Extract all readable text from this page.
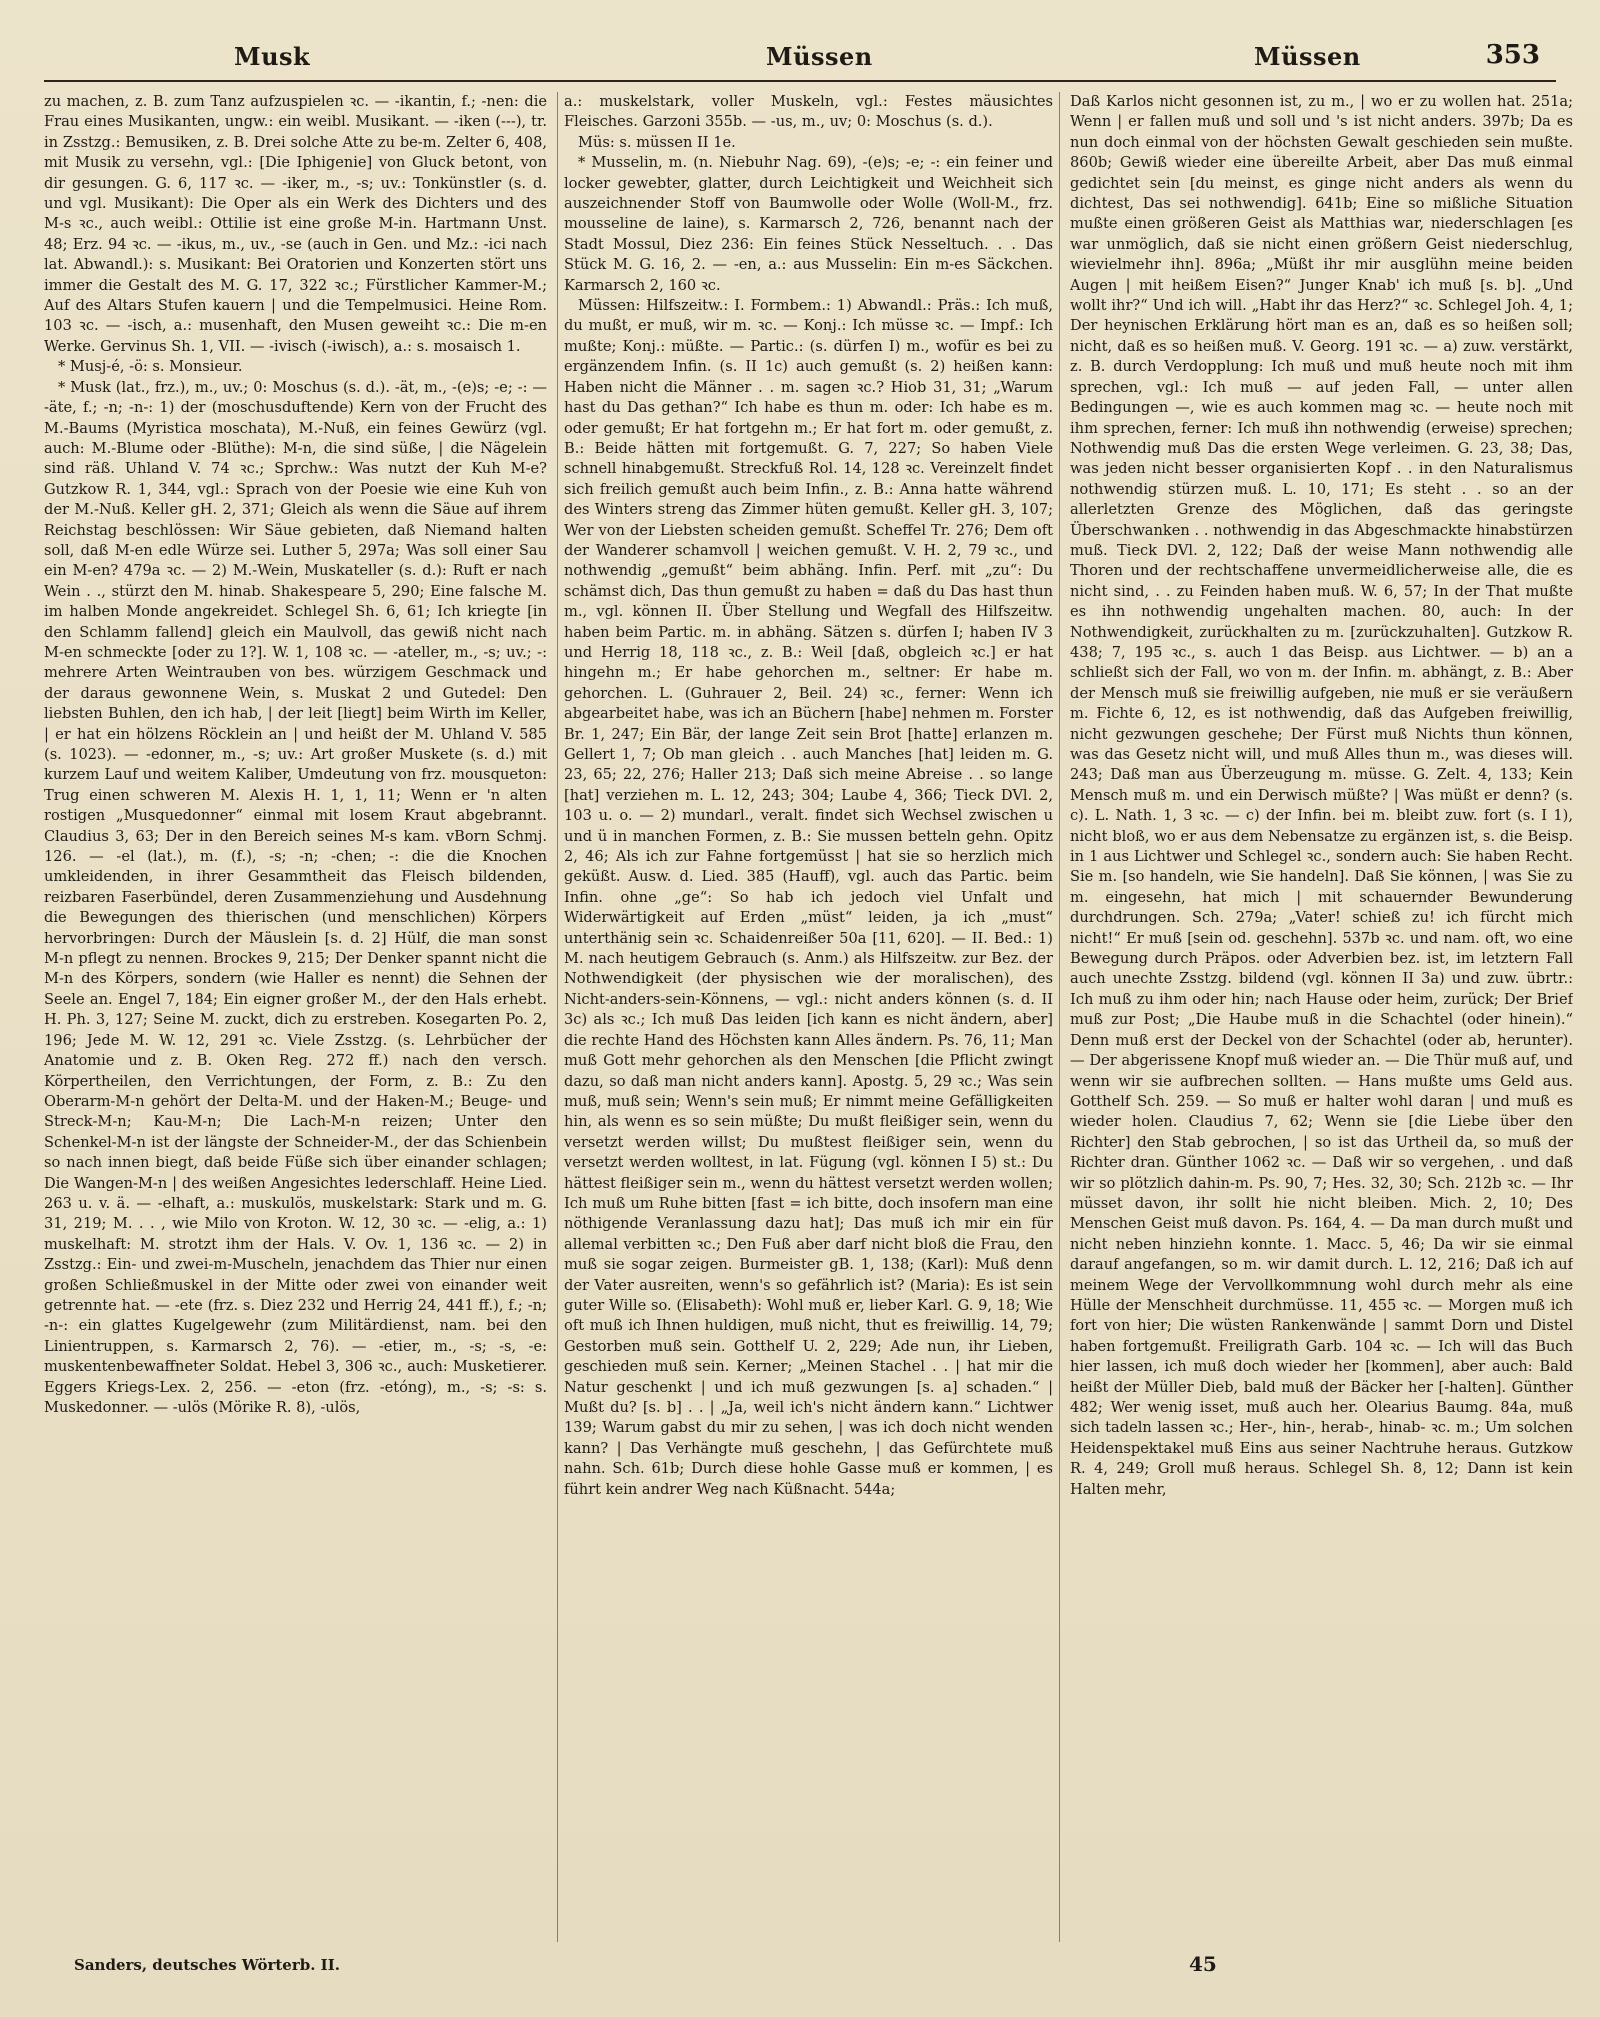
Musk	Müssen	Müssen	353

zu machen, z. B. zum Tanz aufzuspielen ꝛc. — ‑ikantin, f.; ‑nen: die Frau eines Musikanten, ungw.: ein weibl. Musikant. — ‑iken (‑‑‑), tr. in Zsstzg.: Bemusiken, z. B. Drei solche Atte zu be‑m. Zelter 6, 408, mit Musik zu versehn, vgl.: [Die Iphigenie] von Gluck betont, von dir gesungen. G. 6, 117 ꝛc. — ‑iker, m., ‑s; uv.: Tonkünstler (s. d. und vgl. Musikant): Die Oper als ein Werk des Dichters und des M‑s ꝛc., auch weibl.: Ottilie ist eine große M‑in. Hartmann Unst. 48; Erz. 94 ꝛc. — ‑ikus, m., uv., ‑se (auch in Gen. und Mz.: ‑ici nach lat. Abwandl.): s. Musikant: Bei Oratorien und Konzerten stört uns immer die Gestalt des M. G. 17, 322 ꝛc.; Fürstlicher Kammer‑M.; Auf des Altars Stufen kauern | und die Tempelmusici. Heine Rom. 103 ꝛc. — ‑isch, a.: musenhaft, den Musen geweiht ꝛc.: Die m‑en Werke. Gervinus Sh. 1, VII. — ‑ivisch (‑iwisch), a.: s. mosaisch 1.

* Musj‑é, ‑ö: s. Monsieur.

* Musk (lat., frz.), m., uv.; 0: Moschus (s. d.). ‑ät, m., ‑(e)s; ‑e; ‑: — ‑äte, f.; ‑n; ‑n‑: 1) der (moschusduftende) Kern von der Frucht des M.‑Baums (Myristica moschata), M.‑Nuß, ein feines Gewürz (vgl. auch: M.‑Blume oder ‑Blüthe): M‑n, die sind süße, | die Nägelein sind räß. Uhland V. 74 ꝛc.; Sprchw.: Was nutzt der Kuh M‑e? Gutzkow R. 1, 344, vgl.: Sprach von der Poesie wie eine Kuh von der M.‑Nuß. Keller gH. 2, 371; Gleich als wenn die Säue auf ihrem Reichstag beschlössen: Wir Säue gebieten, daß Niemand halten soll, daß M‑en edle Würze sei. Luther 5, 297a; Was soll einer Sau ein M‑en? 479a ꝛc. — 2) M.‑Wein, Muskateller (s. d.): Ruft er nach Wein . ., stürzt den M. hinab. Shakespeare 5, 290; Eine falsche M. im halben Monde angekreidet. Schlegel Sh. 6, 61; Ich kriegte [in den Schlamm fallend] gleich ein Maulvoll, das gewiß nicht nach M‑en schmeckte [oder zu 1?]. W. 1, 108 ꝛc. — ‑ateller, m., ‑s; uv.; ‑: mehrere Arten Weintrauben von bes. würzigem Geschmack und der daraus gewonnene Wein, s. Muskat 2 und Gutedel: Den liebsten Buhlen, den ich hab, | der leit [liegt] beim Wirth im Keller, | er hat ein hölzens Röcklein an | und heißt der M. Uhland V. 585 (s. 1023). — ‑edonner, m., ‑s; uv.: Art großer Muskete (s. d.) mit kurzem Lauf und weitem Kaliber, Umdeutung von frz. mousqueton: Trug einen schweren M. Alexis H. 1, 1, 11; Wenn er 'n alten rostigen „Musquedonner“ einmal mit losem Kraut abgebrannt. Claudius 3, 63; Der in den Bereich seines M‑s kam. vBorn Schmj. 126. — ‑el (lat.), m. (f.), ‑s; ‑n; ‑chen; ‑: die die Knochen umkleidenden, in ihrer Gesammtheit das Fleisch bildenden, reizbaren Faserbündel, deren Zusammenziehung und Ausdehnung die Bewegungen des thierischen (und menschlichen) Körpers hervorbringen: Durch der Mäuslein [s. d. 2] Hülf, die man sonst M‑n pflegt zu nennen. Brockes 9, 215; Der Denker spannt nicht die M‑n des Körpers, sondern (wie Haller es nennt) die Sehnen der Seele an. Engel 7, 184; Ein eigner großer M., der den Hals erhebt. H. Ph. 3, 127; Seine M. zuckt, dich zu erstreben. Kosegarten Po. 2, 196; Jede M. W. 12, 291 ꝛc. Viele Zsstzg. (s. Lehrbücher der Anatomie und z. B. Oken Reg. 272 ff.) nach den versch. Körpertheilen, den Verrichtungen, der Form, z. B.: Zu den Oberarm‑M‑n gehört der Delta‑M. und der Haken‑M.; Beuge‑ und Streck‑M‑n; Kau‑M‑n; Die Lach‑M‑n reizen; Unter den Schenkel‑M‑n ist der längste der Schneider‑M., der das Schienbein so nach innen biegt, daß beide Füße sich über einander schlagen; Die Wangen‑M‑n | des weißen Angesichtes lederschlaff. Heine Lied. 263 u. v. ä. — ‑elhaft, a.: muskulös, muskelstark: Stark und m. G. 31, 219; M. . . , wie Milo von Kroton. W. 12, 30 ꝛc. — ‑elig, a.: 1) muskelhaft: M. strotzt ihm der Hals. V. Ov. 1, 136 ꝛc. — 2) in Zsstzg.: Ein‑ und zwei‑m‑Muscheln, jenachdem das Thier nur einen großen Schließmuskel in der Mitte oder zwei von einander weit getrennte hat. — ‑ete (frz. s. Diez 232 und Herrig 24, 441 ff.), f.; ‑n; ‑n‑: ein glattes Kugelgewehr (zum Militärdienst, nam. bei den Linientruppen, s. Karmarsch 2, 76). — ‑etier, m., ‑s; ‑s, ‑e: muskentenbewaffneter Soldat. Hebel 3, 306 ꝛc., auch: Musketierer. Eggers Kriegs‑Lex. 2, 256. — ‑eton (frz. ‑etóng), m., ‑s; ‑s: s. Muskedonner. — ‑ulös (Mörike R. 8), ‑ulös,

a.: muskelstark, voller Muskeln, vgl.: Festes mäusichtes Fleisches. Garzoni 355b. — ‑us, m., uv; 0: Moschus (s. d.).

Müs: s. müssen II 1e.

* Musselin, m. (n. Niebuhr Nag. 69), ‑(e)s; ‑e; ‑: ein feiner und locker gewebter, glatter, durch Leichtigkeit und Weichheit sich auszeichnender Stoff von Baumwolle oder Wolle (Woll‑M., frz. mousseline de laine), s. Karmarsch 2, 726, benannt nach der Stadt Mossul, Diez 236: Ein feines Stück Nesseltuch. . . Das Stück M. G. 16, 2. — ‑en, a.: aus Musselin: Ein m‑es Säckchen. Karmarsch 2, 160 ꝛc.

Müssen: Hilfszeitw.: I. Formbem.: 1) Abwandl.: Präs.: Ich muß, du mußt, er muß, wir m. ꝛc. — Konj.: Ich müsse ꝛc. — Impf.: Ich mußte; Konj.: müßte. — Partic.: (s. dürfen I) m., wofür es bei zu ergänzendem Infin. (s. II 1c) auch gemußt (s. 2) heißen kann: Haben nicht die Männer . . m. sagen ꝛc.? Hiob 31, 31; „Warum hast du Das gethan?“ Ich habe es thun m. oder: Ich habe es m. oder gemußt; Er hat fortgehn m.; Er hat fort m. oder gemußt, z. B.: Beide hätten mit fortgemußt. G. 7, 227; So haben Viele schnell hinabgemußt. Streckfuß Rol. 14, 128 ꝛc. Vereinzelt findet sich freilich gemußt auch beim Infin., z. B.: Anna hatte während des Winters streng das Zimmer hüten gemußt. Keller gH. 3, 107; Wer von der Liebsten scheiden gemußt. Scheffel Tr. 276; Dem oft der Wanderer schamvoll | weichen gemußt. V. H. 2, 79 ꝛc., und nothwendig „gemußt“ beim abhäng. Infin. Perf. mit „zu“: Du schämst dich, Das thun gemußt zu haben = daß du Das hast thun m., vgl. können II. Über Stellung und Wegfall des Hilfszeitw. haben beim Partic. m. in abhäng. Sätzen s. dürfen I; haben IV 3 und Herrig 18, 118 ꝛc., z. B.: Weil [daß, obgleich ꝛc.] er hat hingehn m.; Er habe gehorchen m., seltner: Er habe m. gehorchen. L. (Guhrauer 2, Beil. 24) ꝛc., ferner: Wenn ich abgearbeitet habe, was ich an Büchern [habe] nehmen m. Forster Br. 1, 247; Ein Bär, der lange Zeit sein Brot [hatte] erlanzen m. Gellert 1, 7; Ob man gleich . . auch Manches [hat] leiden m. G. 23, 65; 22, 276; Haller 213; Daß sich meine Abreise . . so lange [hat] verziehen m. L. 12, 243; 304; Laube 4, 366; Tieck DVl. 2, 103 u. o. — 2) mundarl., veralt. findet sich Wechsel zwischen u und ü in manchen Formen, z. B.: Sie mussen betteln gehn. Opitz 2, 46; Als ich zur Fahne fortgemüsst | hat sie so herzlich mich geküßt. Ausw. d. Lied. 385 (Hauff), vgl. auch das Partic. beim Infin. ohne „ge“: So hab ich jedoch viel Unfalt und Widerwärtigkeit auf Erden „müst“ leiden, ja ich „must“ unterthänig sein ꝛc. Schaidenreißer 50a [11, 620]. — II. Bed.: 1) M. nach heutigem Gebrauch (s. Anm.) als Hilfszeitw. zur Bez. der Nothwendigkeit (der physischen wie der moralischen), des Nicht‑anders‑sein‑Könnens, — vgl.: nicht anders können (s. d. II 3c) als ꝛc.; Ich muß Das leiden [ich kann es nicht ändern, aber] die rechte Hand des Höchsten kann Alles ändern. Ps. 76, 11; Man muß Gott mehr gehorchen als den Menschen [die Pflicht zwingt dazu, so daß man nicht anders kann]. Apostg. 5, 29 ꝛc.; Was sein muß, muß sein; Wenn's sein muß; Er nimmt meine Gefälligkeiten hin, als wenn es so sein müßte; Du mußt fleißiger sein, wenn du versetzt werden willst; Du mußtest fleißiger sein, wenn du versetzt werden wolltest, in lat. Fügung (vgl. können I 5) st.: Du hättest fleißiger sein m., wenn du hättest versetzt werden wollen; Ich muß um Ruhe bitten [fast = ich bitte, doch insofern man eine nöthigende Veranlassung dazu hat]; Das muß ich mir ein für allemal verbitten ꝛc.; Den Fuß aber darf nicht bloß die Frau, den muß sie sogar zeigen. Burmeister gB. 1, 138; (Karl): Muß denn der Vater ausreiten, wenn's so gefährlich ist? (Maria): Es ist sein guter Wille so. (Elisabeth): Wohl muß er, lieber Karl. G. 9, 18; Wie oft muß ich Ihnen huldigen, muß nicht, thut es freiwillig. 14, 79; Gestorben muß sein. Gotthelf U. 2, 229; Ade nun, ihr Lieben, geschieden muß sein. Kerner; „Meinen Stachel . . | hat mir die Natur geschenkt | und ich muß gezwungen [s. a] schaden.“ | Mußt du? [s. b] . . | „Ja, weil ich's nicht ändern kann.“ Lichtwer 139; Warum gabst du mir zu sehen, | was ich doch nicht wenden kann? | Das Verhängte muß geschehn, | das Gefürchtete muß nahn. Sch. 61b; Durch diese hohle Gasse muß er kommen, | es führt kein andrer Weg nach Küßnacht. 544a;

Daß Karlos nicht gesonnen ist, zu m., | wo er zu wollen hat. 251a; Wenn | er fallen muß und soll und 's ist nicht anders. 397b; Da es nun doch einmal von der höchsten Gewalt geschieden sein mußte. 860b; Gewiß wieder eine übereilte Arbeit, aber Das muß einmal gedichtet sein [du meinst, es ginge nicht anders als wenn du dichtest, Das sei nothwendig]. 641b; Eine so mißliche Situation mußte einen größeren Geist als Matthias war, niederschlagen [es war unmöglich, daß sie nicht einen größern Geist niederschlug, wievielmehr ihn]. 896a; „Müßt ihr mir ausglühn meine beiden Augen | mit heißem Eisen?“ Junger Knab' ich muß [s. b]. „Und wollt ihr?“ Und ich will. „Habt ihr das Herz?“ ꝛc. Schlegel Joh. 4, 1; Der heynischen Erklärung hört man es an, daß es so heißen soll; nicht, daß es so heißen muß. V. Georg. 191 ꝛc. — a) zuw. verstärkt, z. B. durch Verdopplung: Ich muß und muß heute noch mit ihm sprechen, vgl.: Ich muß — auf jeden Fall, — unter allen Bedingungen —, wie es auch kommen mag ꝛc. — heute noch mit ihm sprechen, ferner: Ich muß ihn nothwendig (erweise) sprechen; Nothwendig muß Das die ersten Wege verleimen. G. 23, 38; Das, was jeden nicht besser organisierten Kopf . . in den Naturalismus nothwendig stürzen muß. L. 10, 171; Es steht . . so an der allerletzten Grenze des Möglichen, daß das geringste Überschwanken . . nothwendig in das Abgeschmackte hinabstürzen muß. Tieck DVl. 2, 122; Daß der weise Mann nothwendig alle Thoren und der rechtschaffene unvermeidlicherweise alle, die es nicht sind, . . zu Feinden haben muß. W. 6, 57; In der That mußte es ihn nothwendig ungehalten machen. 80, auch: In der Nothwendigkeit, zurückhalten zu m. [zurückzuhalten]. Gutzkow R. 438; 7, 195 ꝛc., s. auch 1 das Beisp. aus Lichtwer. — b) an a schließt sich der Fall, wo von m. der Infin. m. abhängt, z. B.: Aber der Mensch muß sie freiwillig aufgeben, nie muß er sie veräußern m. Fichte 6, 12, es ist nothwendig, daß das Aufgeben freiwillig, nicht gezwungen geschehe; Der Fürst muß Nichts thun können, was das Gesetz nicht will, und muß Alles thun m., was dieses will. 243; Daß man aus Überzeugung m. müsse. G. Zelt. 4, 133; Kein Mensch muß m. und ein Derwisch müßte? | Was müßt er denn? (s. c). L. Nath. 1, 3 ꝛc. — c) der Infin. bei m. bleibt zuw. fort (s. I 1), nicht bloß, wo er aus dem Nebensatze zu ergänzen ist, s. die Beisp. in 1 aus Lichtwer und Schlegel ꝛc., sondern auch: Sie haben Recht. Sie m. [so handeln, wie Sie handeln]. Daß Sie können, | was Sie zu m. eingesehn, hat mich | mit schauernder Bewunderung durchdrungen. Sch. 279a; „Vater! schieß zu! ich fürcht mich nicht!“ Er muß [sein od. geschehn]. 537b ꝛc. und nam. oft, wo eine Bewegung durch Präpos. oder Adverbien bez. ist, im letztern Fall auch unechte Zsstzg. bildend (vgl. können II 3a) und zuw. übrtr.: Ich muß zu ihm oder hin; nach Hause oder heim, zurück; Der Brief muß zur Post; „Die Haube muß in die Schachtel (oder hinein).“ Denn muß erst der Deckel von der Schachtel (oder ab, herunter). — Der abgerissene Knopf muß wieder an. — Die Thür muß auf, und wenn wir sie aufbrechen sollten. — Hans mußte ums Geld aus. Gotthelf Sch. 259. — So muß er halter wohl daran | und muß es wieder holen. Claudius 7, 62; Wenn sie [die Liebe über den Richter] den Stab gebrochen, | so ist das Urtheil da, so muß der Richter dran. Günther 1062 ꝛc. — Daß wir so vergehen, . und daß wir so plötzlich dahin‑m. Ps. 90, 7; Hes. 32, 30; Sch. 212b ꝛc. — Ihr müsset davon, ihr sollt hie nicht bleiben. Mich. 2, 10; Des Menschen Geist muß davon. Ps. 164, 4. — Da man durch mußt und nicht neben hinziehn konnte. 1. Macc. 5, 46; Da wir sie einmal darauf angefangen, so m. wir damit durch. L. 12, 216; Daß ich auf meinem Wege der Vervollkommnung wohl durch mehr als eine Hülle der Menschheit durchmüsse. 11, 455 ꝛc. — Morgen muß ich fort von hier; Die wüsten Rankenwände | sammt Dorn und Distel haben fortgemußt. Freiligrath Garb. 104 ꝛc. — Ich will das Buch hier lassen, ich muß doch wieder her [kommen], aber auch: Bald heißt der Müller Dieb, bald muß der Bäcker her [‑halten]. Günther 482; Wer wenig isset, muß auch her. Olearius Baumg. 84a, muß sich tadeln lassen ꝛc.; Her‑, hin‑, herab‑, hinab‑ ꝛc. m.; Um solchen Heidenspektakel muß Eins aus seiner Nachtruhe heraus. Gutzkow R. 4, 249; Groll muß heraus. Schlegel Sh. 8, 12; Dann ist kein Halten mehr,

Sanders, deutsches Wörterb. II.	45
